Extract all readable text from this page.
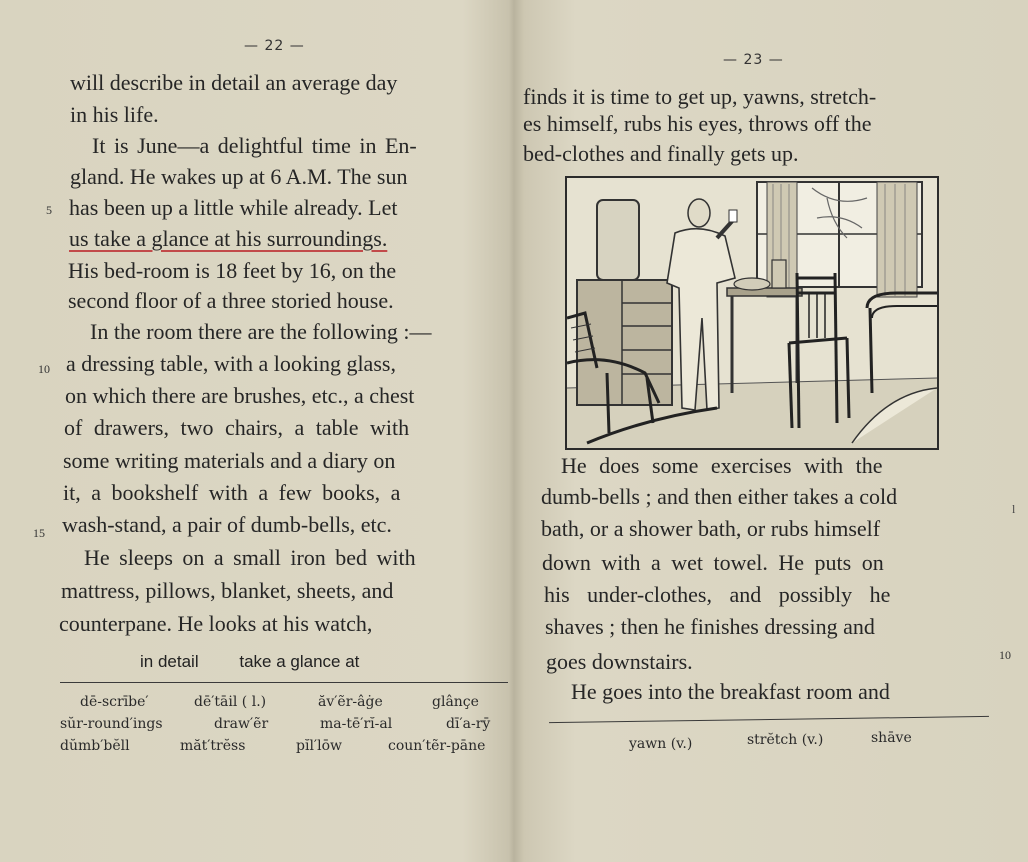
— 22 —
will describe in detail an average day
in his life.
It is June—a delightful time in En-
gland. He wakes up at 6 A.M. The sun
5 has been up a little while already. Let
us take a glance at his surroundings.
His bed-room is 18 feet by 16, on the
second floor of a three storied house.
In the room there are the following :—
10 a dressing table, with a looking glass,
on which there are brushes, etc., a chest
of drawers, two chairs, a table with
some writing materials and a diary on
it, a bookshelf with a few books, a
15 wash-stand, a pair of dumb-bells, etc.
He sleeps on a small iron bed with
mattress, pillows, blanket, sheets, and
counterpane. He looks at his watch,
in detail take a glance at
dē-scrībe′	dē′tāil ( l.)	ăv′ẽr-âġe	glânçe
sŭr-round′ings	draw′ẽr	ma-tē′rĭ-al	dī′a-rȳ
dŭmb′bĕll	măt′trĕss	pĭl′lōw	coun′tẽr-pāne
— 23 —
finds it is time to get up, yawns, stretch-
es himself, rubs his eyes, throws off the
bed-clothes and finally gets up.
He does some exercises with the
dumb-bells ; and then either takes a cold
bath, or a shower bath, or rubs himself
down with a wet towel. He puts on
his under-clothes, and possibly he
shaves ; then he finishes dressing and
goes downstairs.	10
He goes into the breakfast room and
yawn (v.)	strĕtch (v.)	shāve
l
